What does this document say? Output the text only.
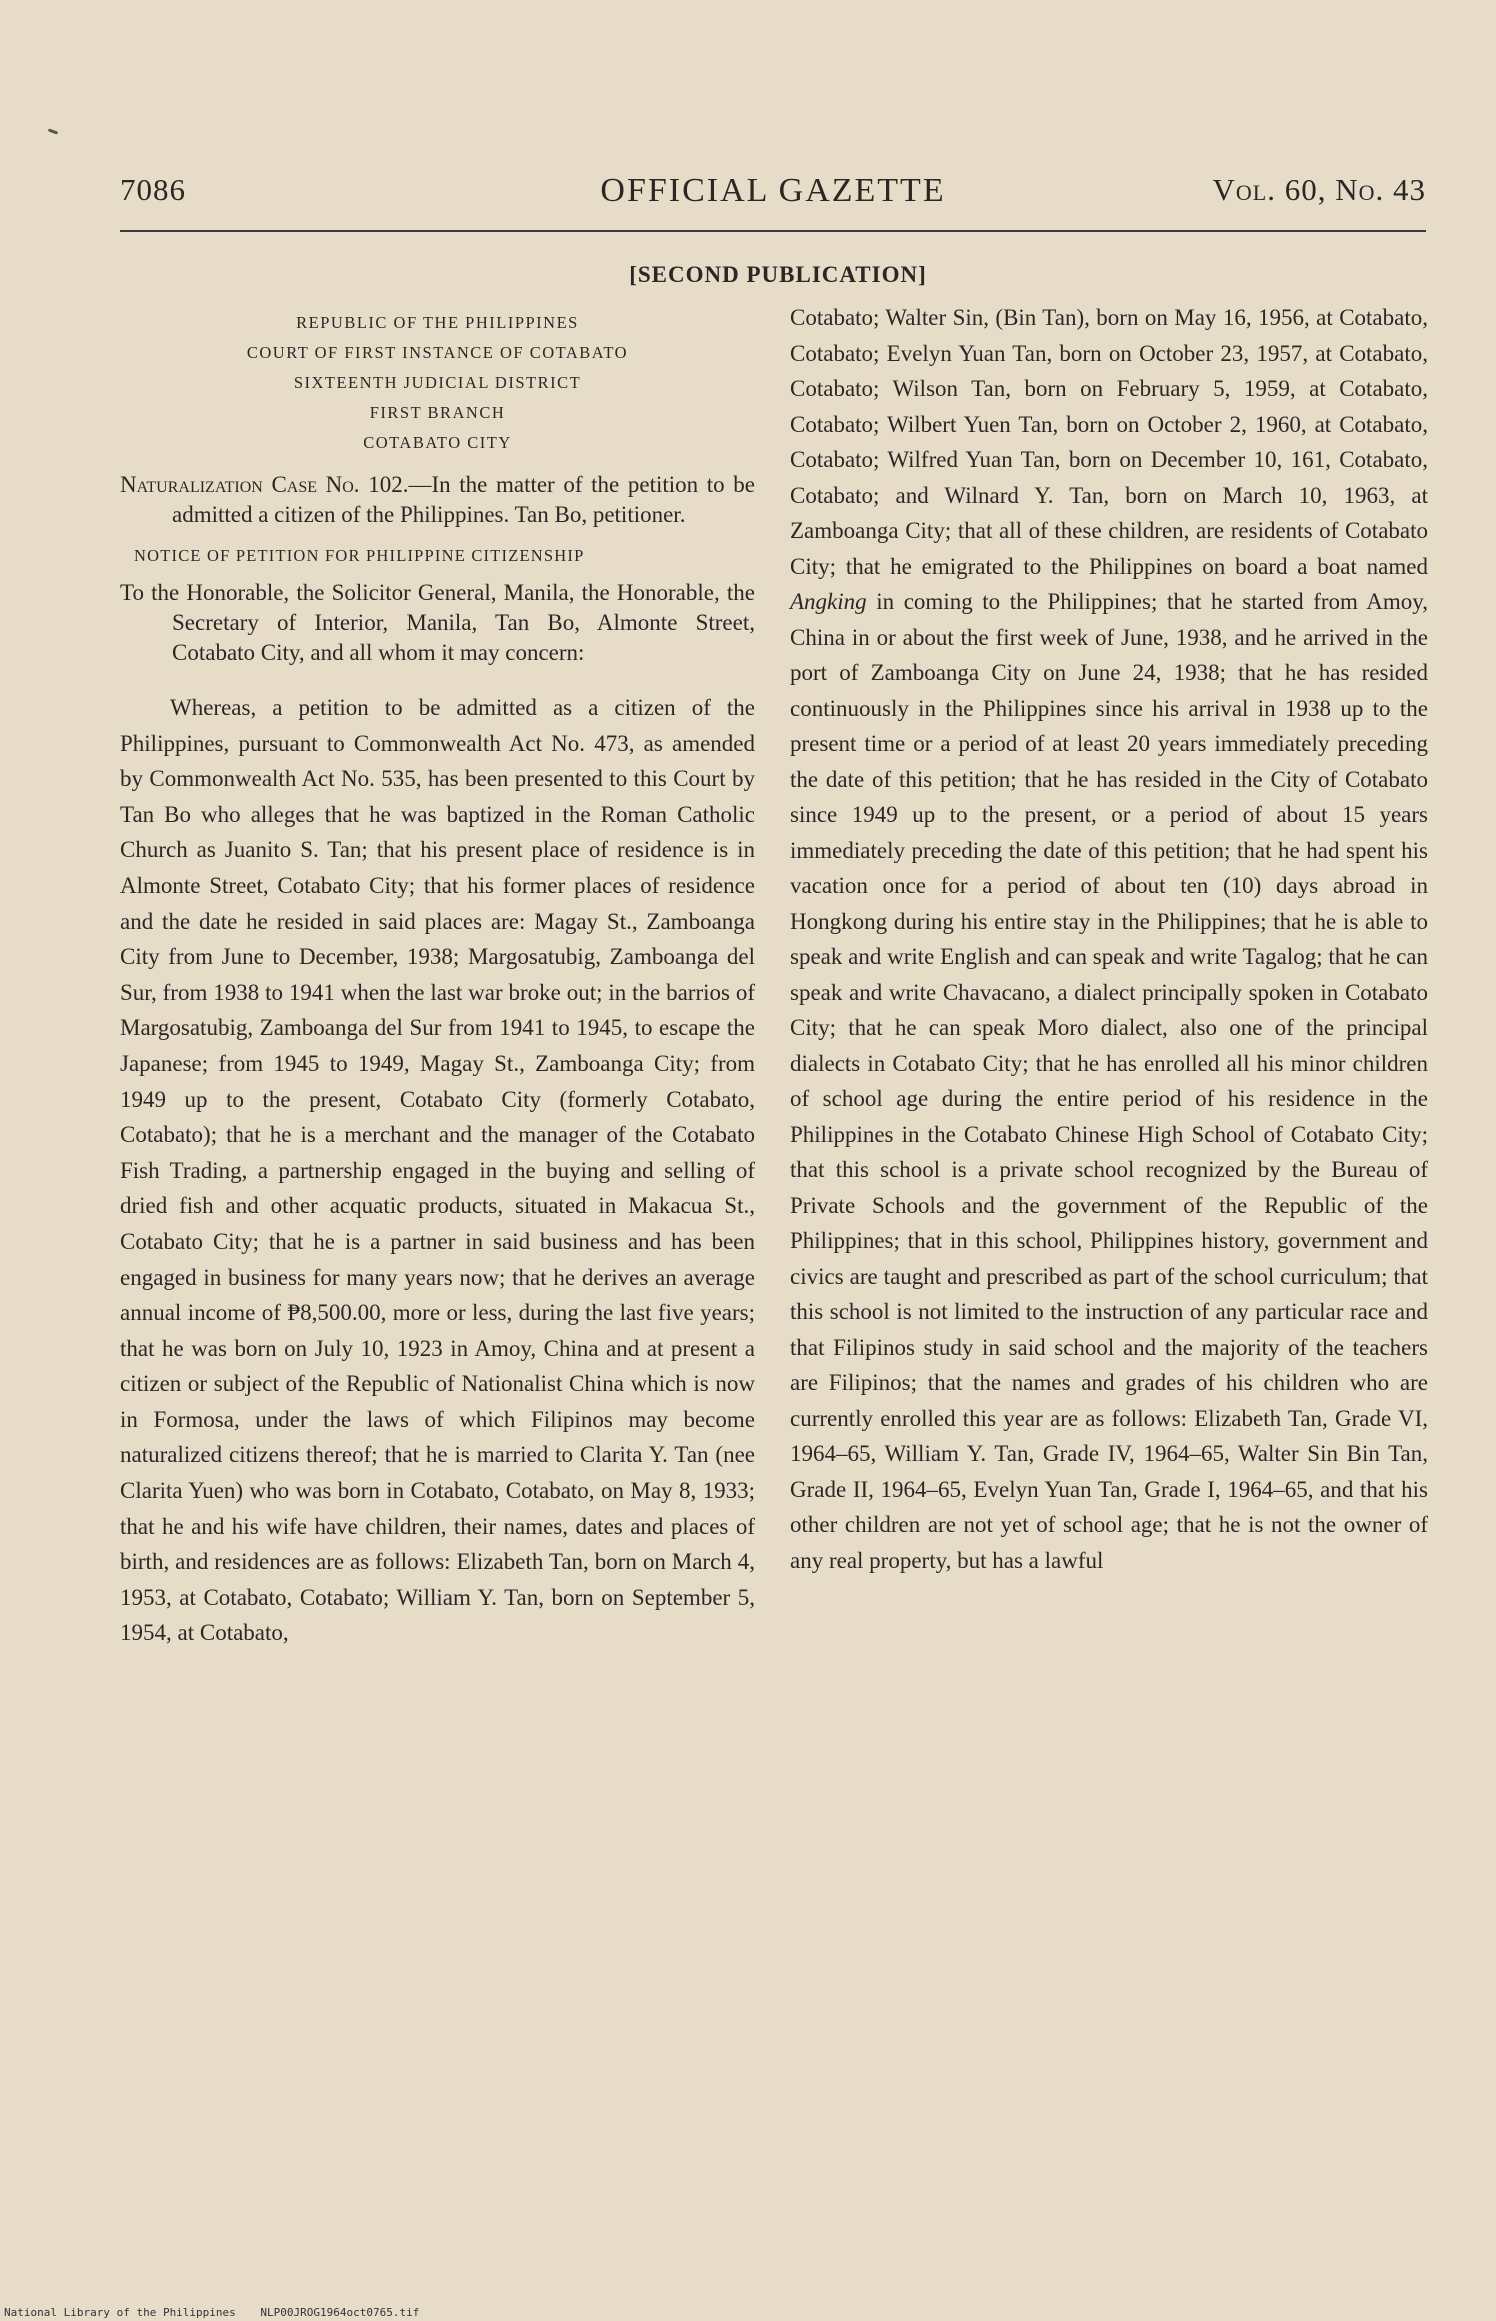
7086	OFFICIAL GAZETTE	Vol. 60, No. 43
[SECOND PUBLICATION]
REPUBLIC OF THE PHILIPPINES
COURT OF FIRST INSTANCE OF COTABATO
SIXTEENTH JUDICIAL DISTRICT
FIRST BRANCH
COTABATO CITY
Naturalization Case No. 102.—In the matter of the petition to be admitted a citizen of the Philippines. Tan Bo, petitioner.
NOTICE OF PETITION FOR PHILIPPINE CITIZENSHIP
To the Honorable, the Solicitor General, Manila, the Honorable, the Secretary of Interior, Manila, Tan Bo, Almonte Street, Cotabato City, and all whom it may concern:
Whereas, a petition to be admitted as a citizen of the Philippines, pursuant to Commonwealth Act No. 473, as amended by Commonwealth Act No. 535, has been presented to this Court by Tan Bo who alleges that he was baptized in the Roman Catholic Church as Juanito S. Tan; that his present place of residence is in Almonte Street, Cotabato City; that his former places of residence and the date he resided in said places are: Magay St., Zamboanga City from June to December, 1938; Margosatubig, Zamboanga del Sur, from 1938 to 1941 when the last war broke out; in the barrios of Margosatubig, Zamboanga del Sur from 1941 to 1945, to escape the Japanese; from 1945 to 1949, Magay St., Zamboanga City; from 1949 up to the present, Cotabato City (formerly Cotabato, Cotabato); that he is a merchant and the manager of the Cotabato Fish Trading, a partnership engaged in the buying and selling of dried fish and other acquatic products, situated in Makacua St., Cotabato City; that he is a partner in said business and has been engaged in business for many years now; that he derives an average annual income of ₱8,500.00, more or less, during the last five years; that he was born on July 10, 1923 in Amoy, China and at present a citizen or subject of the Republic of Nationalist China which is now in Formosa, under the laws of which Filipinos may become naturalized citizens thereof; that he is married to Clarita Y. Tan (nee Clarita Yuen) who was born in Cotabato, Cotabato, on May 8, 1933; that he and his wife have children, their names, dates and places of birth, and residences are as follows: Elizabeth Tan, born on March 4, 1953, at Cotabato, Cotabato; William Y. Tan, born on September 5, 1954, at Cotabato,
Cotabato; Walter Sin, (Bin Tan), born on May 16, 1956, at Cotabato, Cotabato; Evelyn Yuan Tan, born on October 23, 1957, at Cotabato, Cotabato; Wilson Tan, born on February 5, 1959, at Cotabato, Cotabato; Wilbert Yuen Tan, born on October 2, 1960, at Cotabato, Cotabato; Wilfred Yuan Tan, born on December 10, 161, Cotabato, Cotabato; and Wilnard Y. Tan, born on March 10, 1963, at Zamboanga City; that all of these children, are residents of Cotabato City; that he emigrated to the Philippines on board a boat named Angking in coming to the Philippines; that he started from Amoy, China in or about the first week of June, 1938, and he arrived in the port of Zamboanga City on June 24, 1938; that he has resided continuously in the Philippines since his arrival in 1938 up to the present time or a period of at least 20 years immediately preceding the date of this petition; that he has resided in the City of Cotabato since 1949 up to the present, or a period of about 15 years immediately preceding the date of this petition; that he had spent his vacation once for a period of about ten (10) days abroad in Hongkong during his entire stay in the Philippines; that he is able to speak and write English and can speak and write Tagalog; that he can speak and write Chavacano, a dialect principally spoken in Cotabato City; that he can speak Moro dialect, also one of the principal dialects in Cotabato City; that he has enrolled all his minor children of school age during the entire period of his residence in the Philippines in the Cotabato Chinese High School of Cotabato City; that this school is a private school recognized by the Bureau of Private Schools and the government of the Republic of the Philippines; that in this school, Philippines history, government and civics are taught and prescribed as part of the school curriculum; that this school is not limited to the instruction of any particular race and that Filipinos study in said school and the majority of the teachers are Filipinos; that the names and grades of his children who are currently enrolled this year are as follows: Elizabeth Tan, Grade VI, 1964–65, William Y. Tan, Grade IV, 1964–65, Walter Sin Bin Tan, Grade II, 1964–65, Evelyn Yuan Tan, Grade I, 1964–65, and that his other children are not yet of school age; that he is not the owner of any real property, but has a lawful
National Library of the Philippines NLP00JROG1964oct0765.tif
